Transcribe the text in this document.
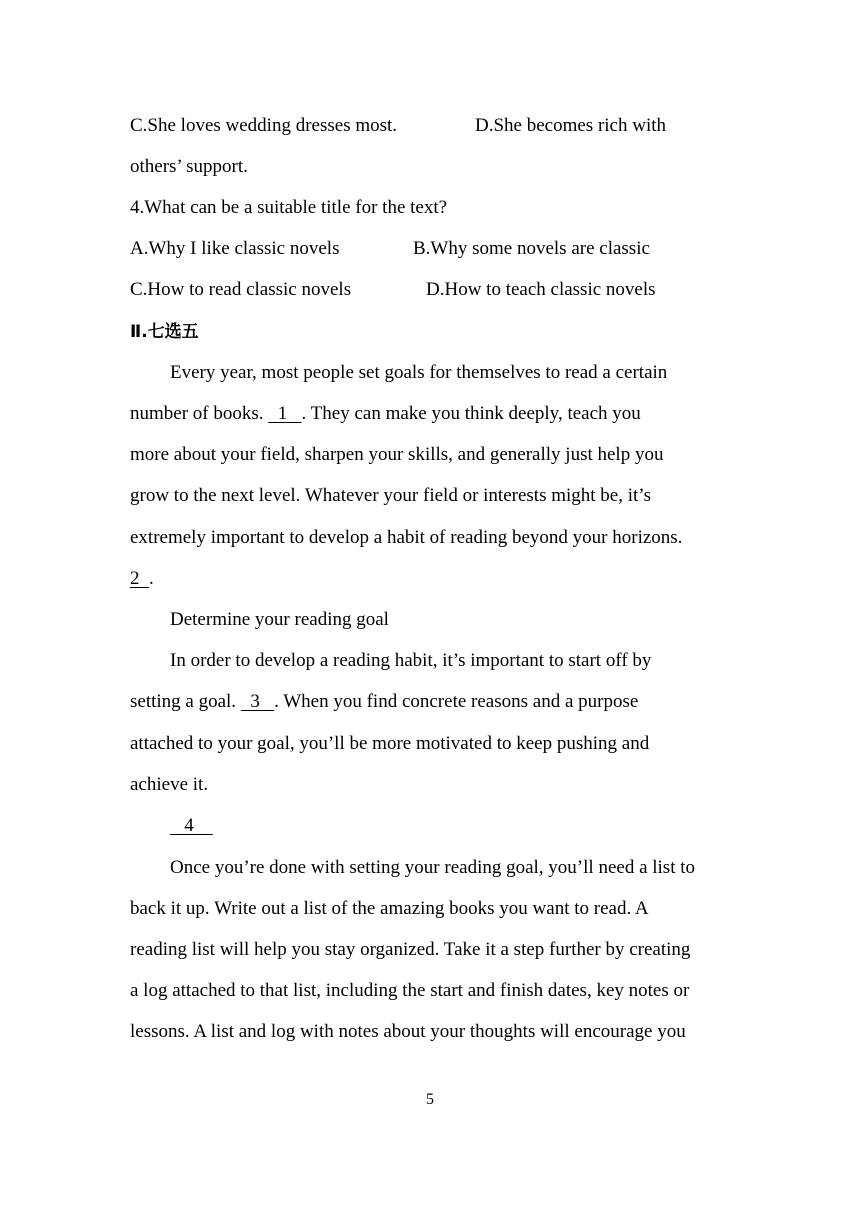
C.She loves wedding dresses most.	D.She becomes rich with
others’ support.
4.What can be a suitable title for the text?
A.Why I like classic novels	B.Why some novels are classic
C.How to read classic novels	D.How to teach classic novels
Ⅱ.七选五
Every year, most people set goals for themselves to read a certain
number of books.   1   . They can make you think deeply, teach you
more about your field, sharpen your skills, and generally just help you
grow to the next level. Whatever your field or interests might be, it’s
extremely important to develop a habit of reading beyond your horizons.
2  .
Determine your reading goal
In order to develop a reading habit, it’s important to start off by
setting a goal.   3   . When you find concrete reasons and a purpose
attached to your goal, you’ll be more motivated to keep pushing and
achieve it.
4
Once you’re done with setting your reading goal, you’ll need a list to
back it up. Write out a list of the amazing books you want to read. A
reading list will help you stay organized. Take it a step further by creating
a log attached to that list, including the start and finish dates, key notes or
lessons. A list and log with notes about your thoughts will encourage you
5
